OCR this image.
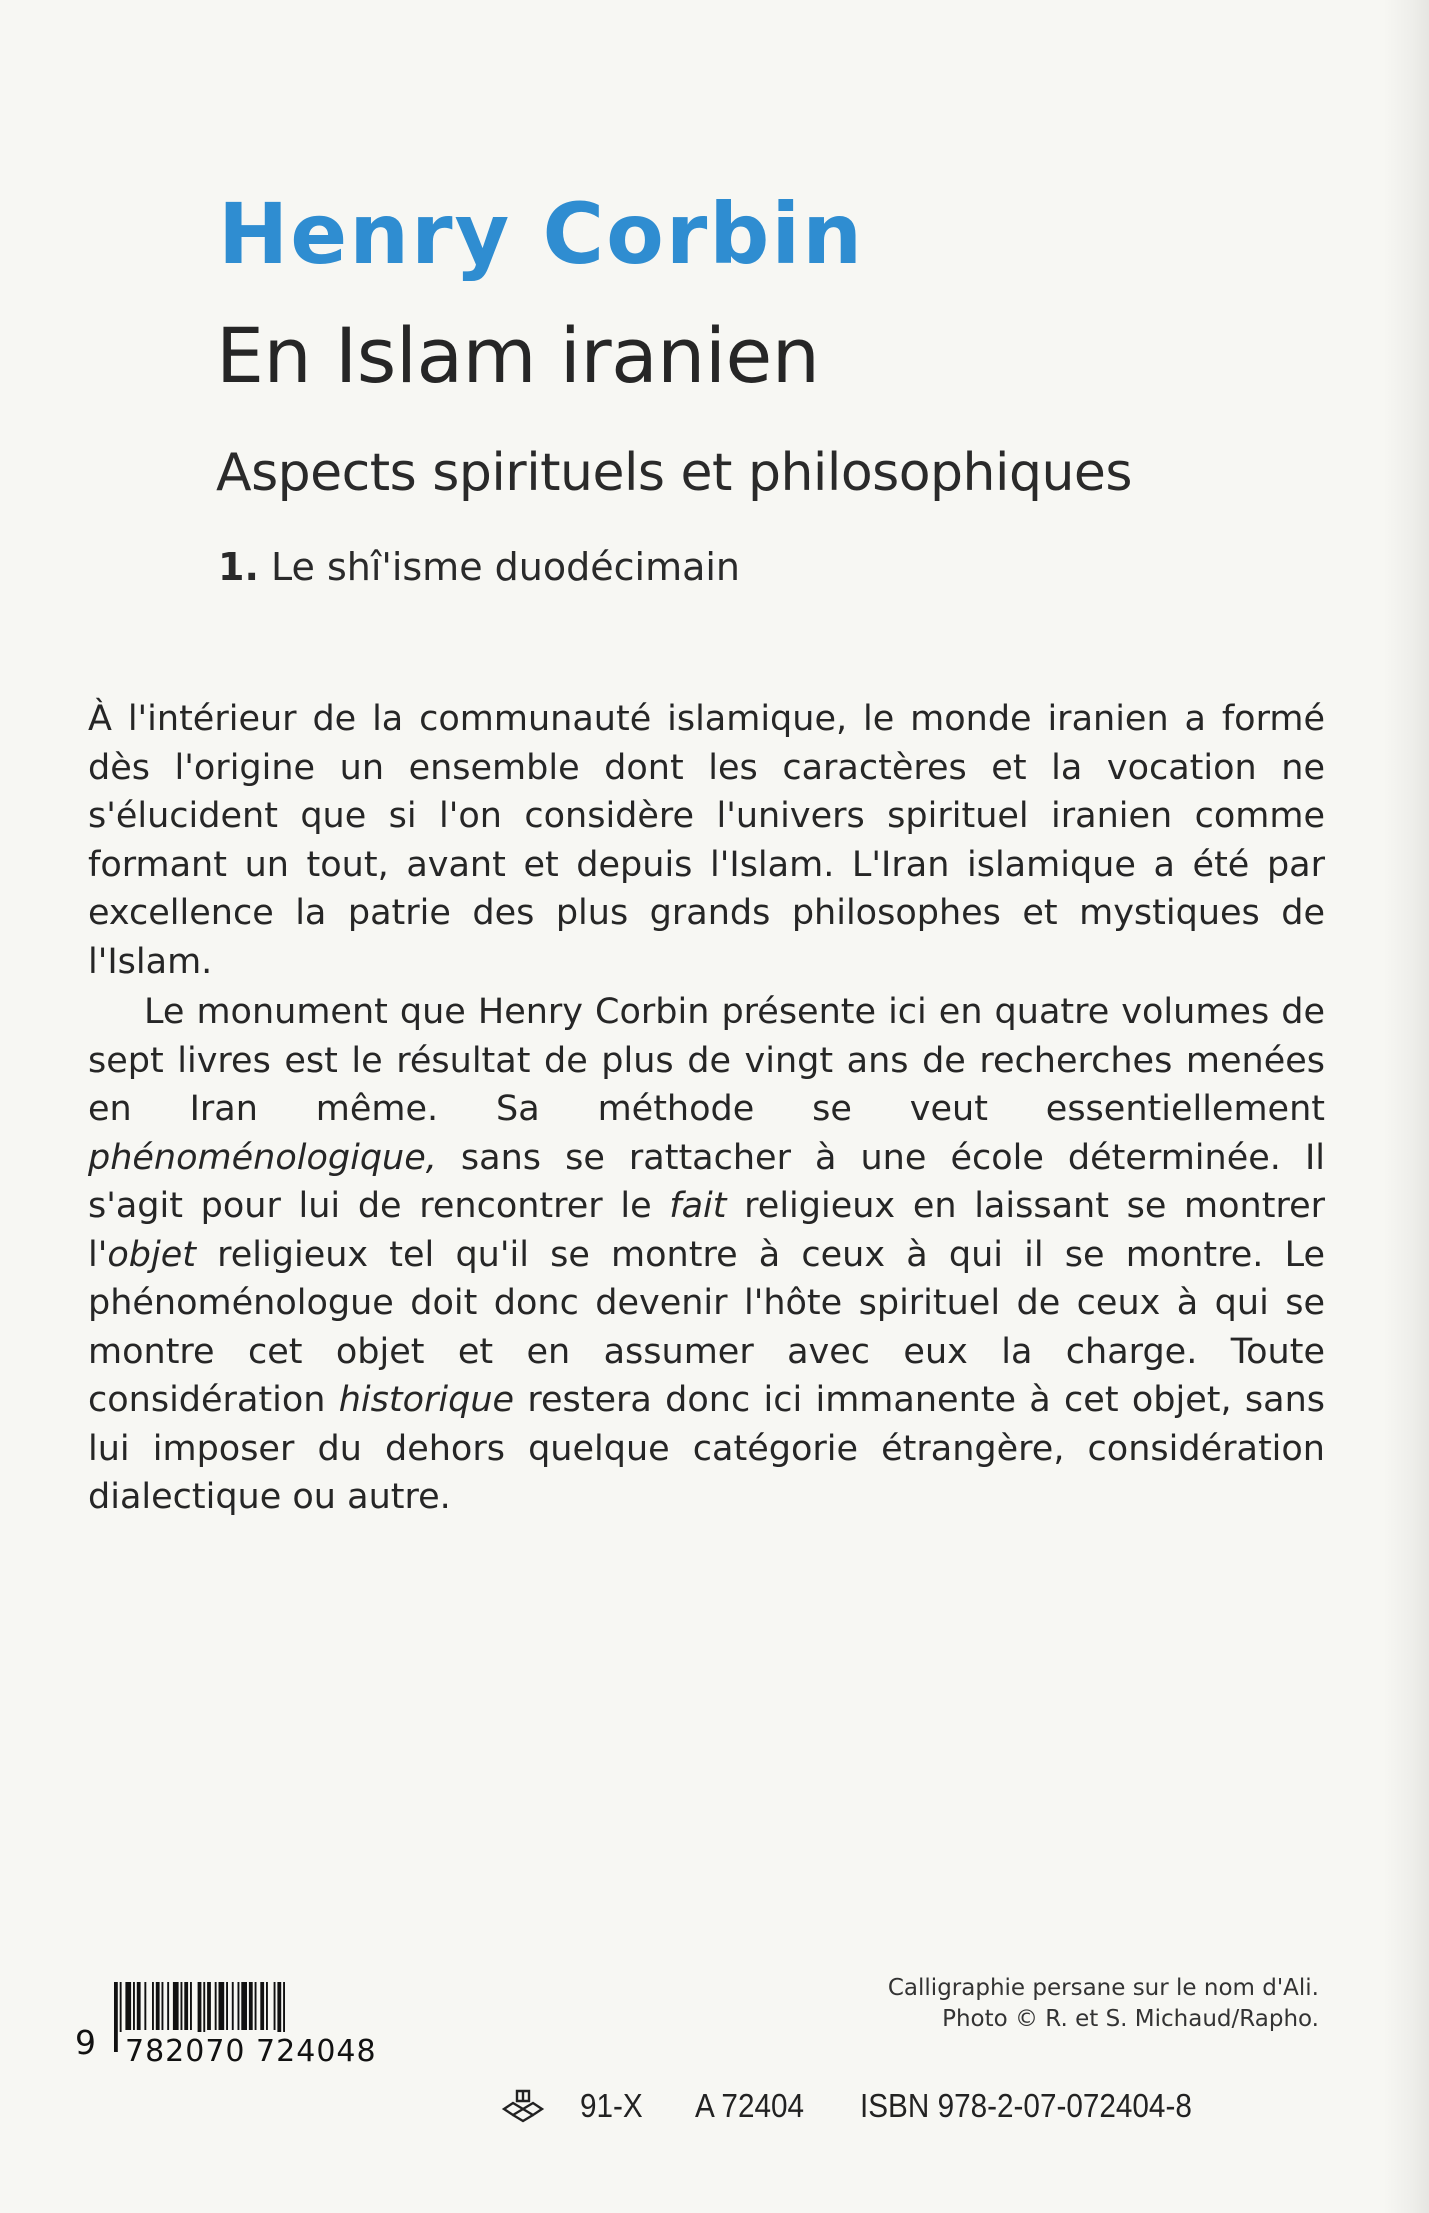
Henry Corbin
En Islam iranien
Aspects spirituels et philosophiques
1. Le shî'isme duodécimain

À l'intérieur de la communauté islamique, le monde iranien a formé dès l'origine un ensemble dont les caractères et la vocation ne s'élucident que si l'on considère l'univers spirituel iranien comme formant un tout, avant et depuis l'Islam. L'Iran islamique a été par excellence la patrie des plus grands philosophes et mystiques de l'Islam.

Le monument que Henry Corbin présente ici en quatre volumes de sept livres est le résultat de plus de vingt ans de recherches menées en Iran même. Sa méthode se veut essentiellement phénoménologique, sans se rattacher à une école déterminée. Il s'agit pour lui de rencontrer le fait religieux en laissant se montrer l'objet religieux tel qu'il se montre à ceux à qui il se montre. Le phénoménologue doit donc devenir l'hôte spirituel de ceux à qui se montre cet objet et en assumer avec eux la charge. Toute considération historique restera donc ici immanente à cet objet, sans lui imposer du dehors quelque catégorie étrangère, considération dialectique ou autre.

9 782070 724048
Calligraphie persane sur le nom d'Ali.
Photo © R. et S. Michaud/Rapho.
91-X A 72404 ISBN 978-2-07-072404-8
